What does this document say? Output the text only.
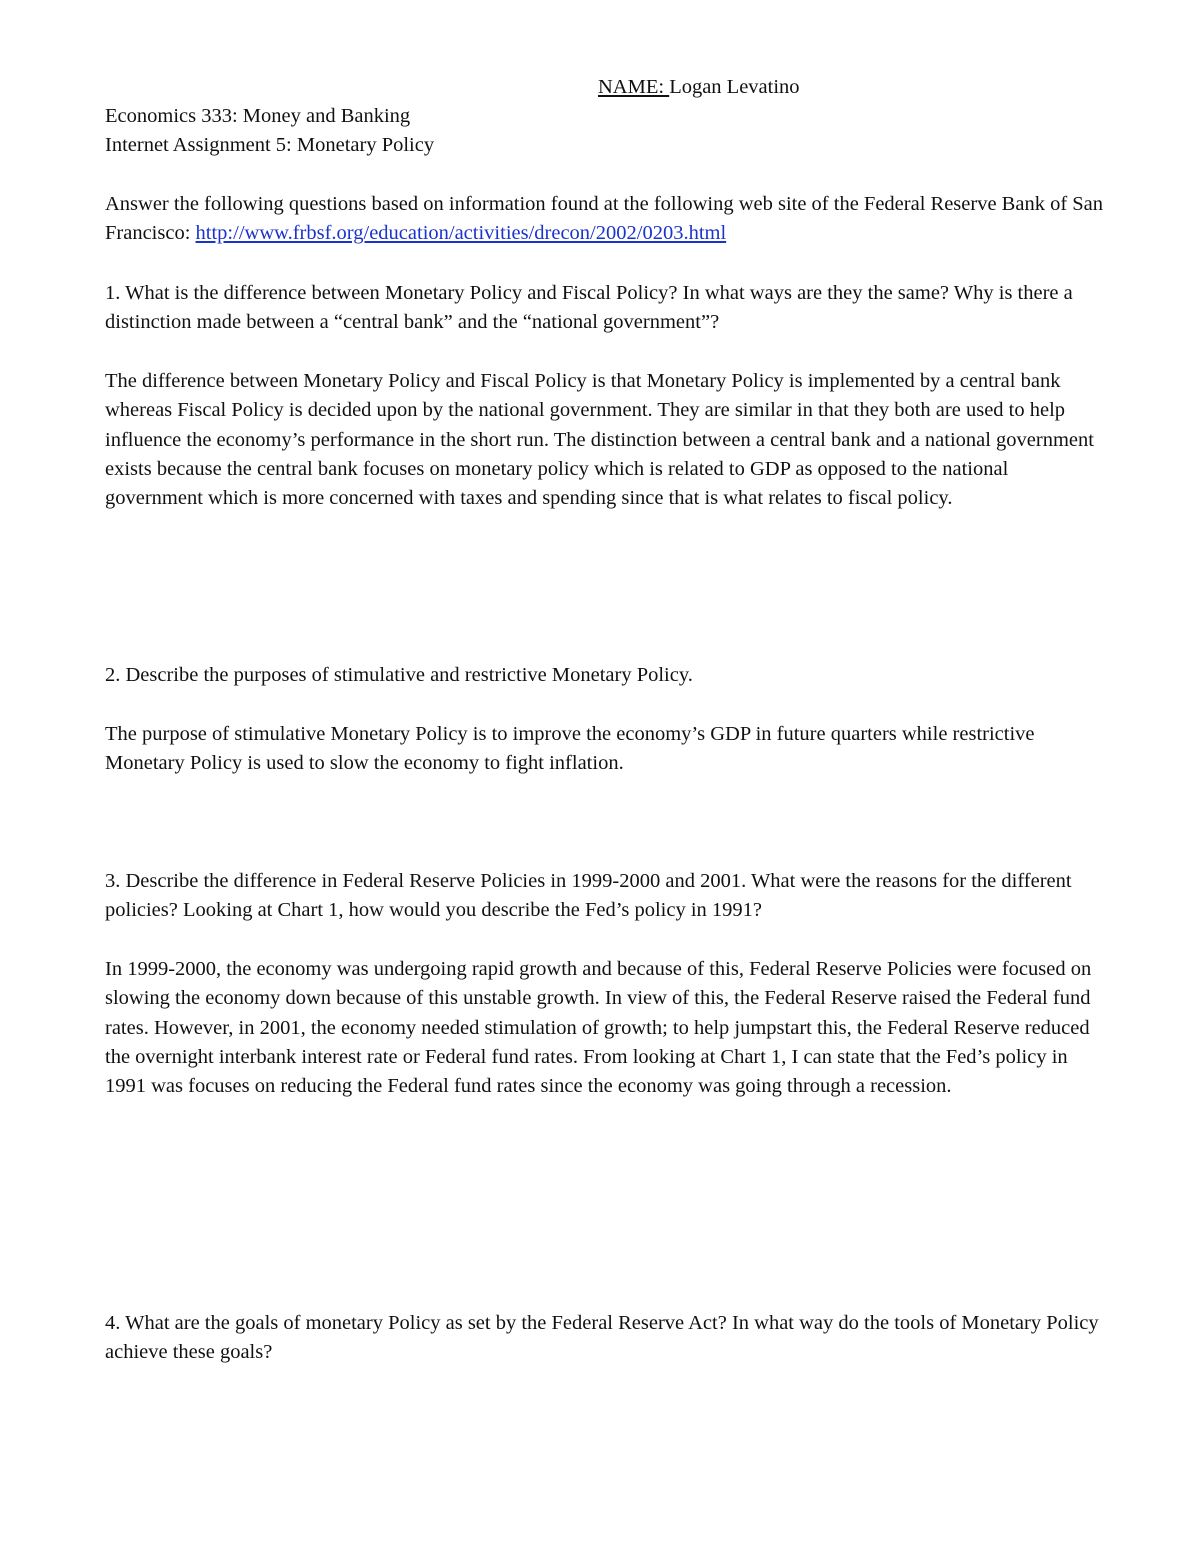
NAME: Logan Levatino
Economics 333: Money and Banking
Internet Assignment 5: Monetary Policy
Answer the following questions based on information found at the following web site of the Federal Reserve Bank of San Francisco: http://www.frbsf.org/education/activities/drecon/2002/0203.html
1. What is the difference between Monetary Policy and Fiscal Policy? In what ways are they the same? Why is there a distinction made between a “central bank” and the “national government”?
The difference between Monetary Policy and Fiscal Policy is that Monetary Policy is implemented by a central bank whereas Fiscal Policy is decided upon by the national government. They are similar in that they both are used to help influence the economy’s performance in the short run. The distinction between a central bank and a national government exists because the central bank focuses on monetary policy which is related to GDP as opposed to the national government which is more concerned with taxes and spending since that is what relates to fiscal policy.
2. Describe the purposes of stimulative and restrictive Monetary Policy.
The purpose of stimulative Monetary Policy is to improve the economy’s GDP in future quarters while restrictive Monetary Policy is used to slow the economy to fight inflation.
3. Describe the difference in Federal Reserve Policies in 1999-2000 and 2001. What were the reasons for the different policies? Looking at Chart 1, how would you describe the Fed’s policy in 1991?
In 1999-2000, the economy was undergoing rapid growth and because of this, Federal Reserve Policies were focused on slowing the economy down because of this unstable growth. In view of this, the Federal Reserve raised the Federal fund rates. However, in 2001, the economy needed stimulation of growth; to help jumpstart this, the Federal Reserve reduced the overnight interbank interest rate or Federal fund rates. From looking at Chart 1, I can state that the Fed’s policy in 1991 was focuses on reducing the Federal fund rates since the economy was going through a recession.
4. What are the goals of monetary Policy as set by the Federal Reserve Act? In what way do the tools of Monetary Policy achieve these goals?
